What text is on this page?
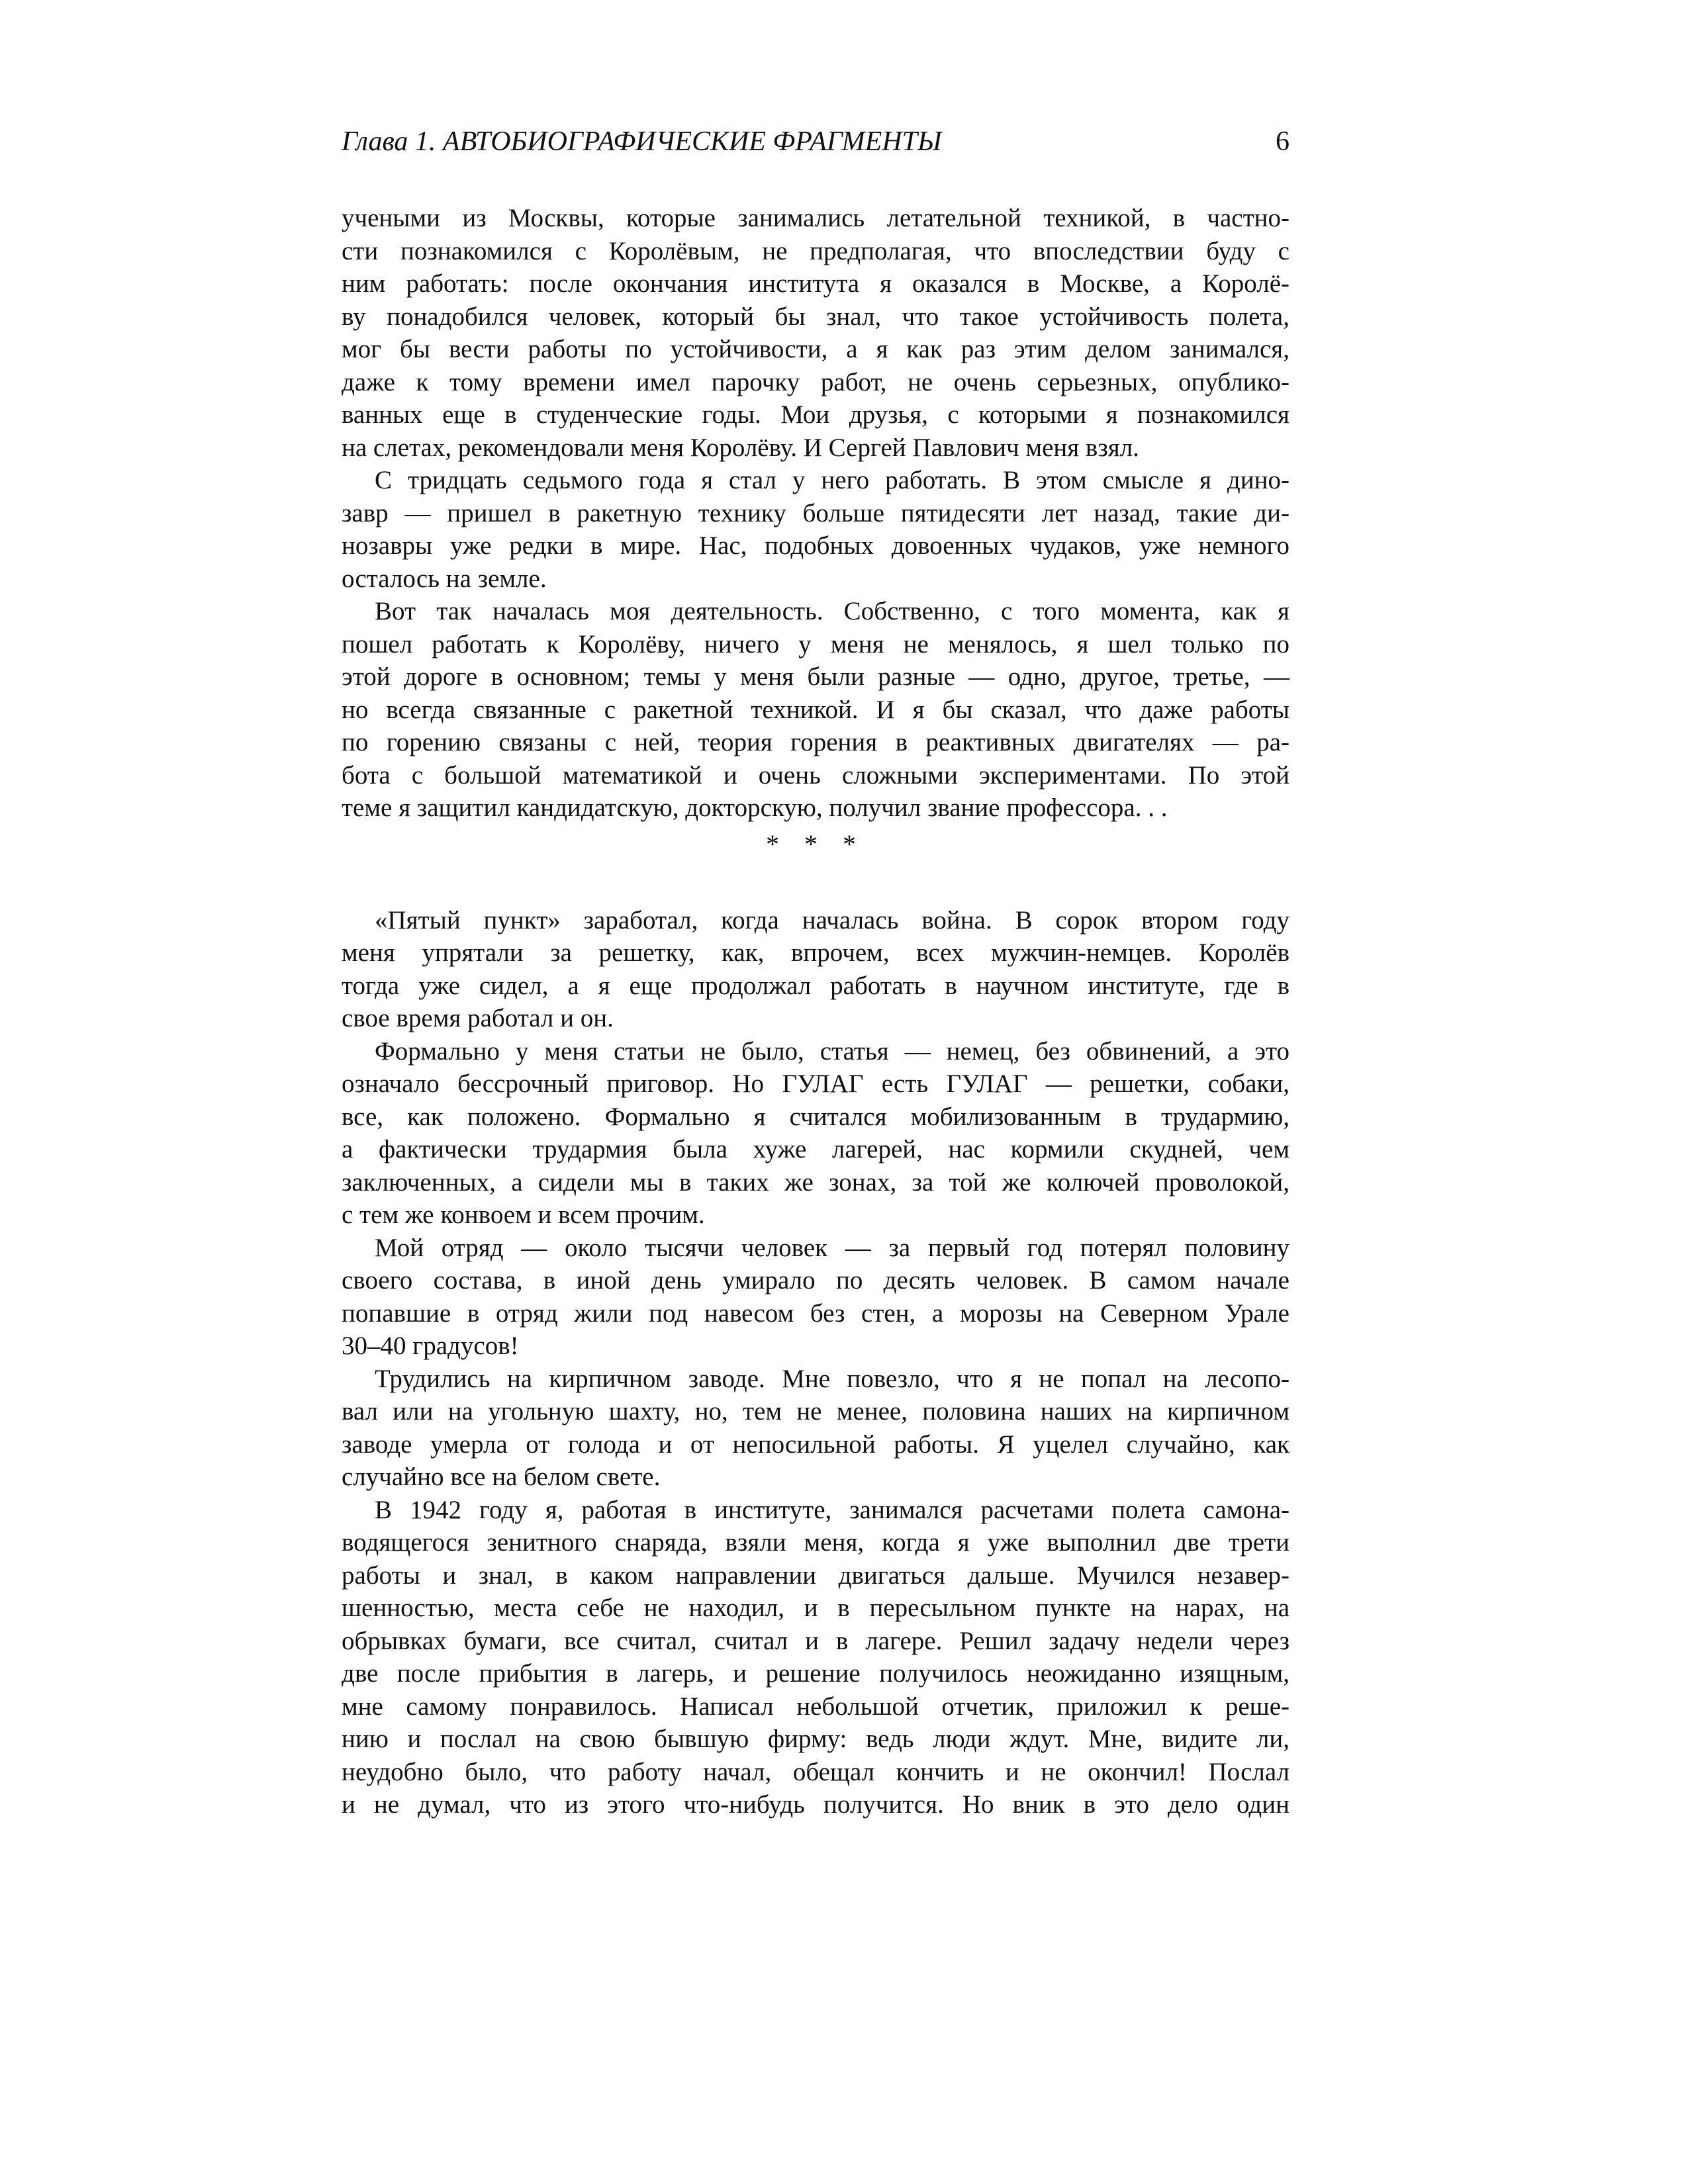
Глава 1. АВТОБИОГРАФИЧЕСКИЕ ФРАГМЕНТЫ	6
учеными из Москвы, которые занимались летательной техникой, в частно-
сти познакомился с Королёвым, не предполагая, что впоследствии буду с
ним работать: после окончания института я оказался в Москве, а Королё-
ву понадобился человек, который бы знал, что такое устойчивость полета,
мог бы вести работы по устойчивости, а я как раз этим делом занимался,
даже к тому времени имел парочку работ, не очень серьезных, опублико-
ванных еще в студенческие годы. Мои друзья, с которыми я познакомился
на слетах, рекомендовали меня Королёву. И Сергей Павлович меня взял.
С тридцать седьмого года я стал у него работать. В этом смысле я дино-
завр — пришел в ракетную технику больше пятидесяти лет назад, такие ди-
нозавры уже редки в мире. Нас, подобных довоенных чудаков, уже немного
осталось на земле.
Вот так началась моя деятельность. Собственно, с того момента, как я
пошел работать к Королёву, ничего у меня не менялось, я шел только по
этой дороге в основном; темы у меня были разные — одно, другое, третье, —
но всегда связанные с ракетной техникой. И я бы сказал, что даже работы
по горению связаны с ней, теория горения в реактивных двигателях — ра-
бота с большой математикой и очень сложными экспериментами. По этой
теме я защитил кандидатскую, докторскую, получил звание профессора. . .
* * *
«Пятый пункт» заработал, когда началась война. В сорок втором году
меня упрятали за решетку, как, впрочем, всех мужчин-немцев. Королёв
тогда уже сидел, а я еще продолжал работать в научном институте, где в
свое время работал и он.
Формально у меня статьи не было, статья — немец, без обвинений, а это
означало бессрочный приговор. Но ГУЛАГ есть ГУЛАГ — решетки, собаки,
все, как положено. Формально я считался мобилизованным в трудармию,
а фактически трудармия была хуже лагерей, нас кормили скудней, чем
заключенных, а сидели мы в таких же зонах, за той же колючей проволокой,
с тем же конвоем и всем прочим.
Мой отряд — около тысячи человек — за первый год потерял половину
своего состава, в иной день умирало по десять человек. В самом начале
попавшие в отряд жили под навесом без стен, а морозы на Северном Урале
30–40 градусов!
Трудились на кирпичном заводе. Мне повезло, что я не попал на лесопо-
вал или на угольную шахту, но, тем не менее, половина наших на кирпичном
заводе умерла от голода и от непосильной работы. Я уцелел случайно, как
случайно все на белом свете.
В 1942 году я, работая в институте, занимался расчетами полета самона-
водящегося зенитного снаряда, взяли меня, когда я уже выполнил две трети
работы и знал, в каком направлении двигаться дальше. Мучился незавер-
шенностью, места себе не находил, и в пересыльном пункте на нарах, на
обрывках бумаги, все считал, считал и в лагере. Решил задачу недели через
две после прибытия в лагерь, и решение получилось неожиданно изящным,
мне самому понравилось. Написал небольшой отчетик, приложил к реше-
нию и послал на свою бывшую фирму: ведь люди ждут. Мне, видите ли,
неудобно было, что работу начал, обещал кончить и не окончил! Послал
и не думал, что из этого что-нибудь получится. Но вник в это дело один
